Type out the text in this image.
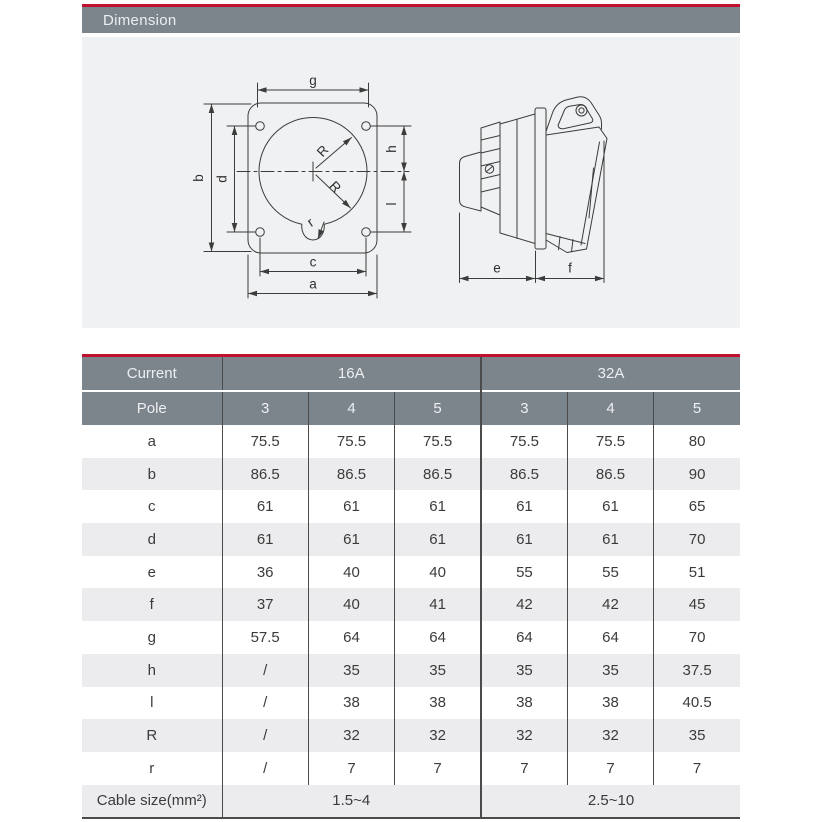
Dimension
R
R
r
g
b d
h
l
c
a
e	f
Current	16A			32A		
Pole	3	4	5	3	4	5
a	75.5	75.5	75.5	75.5	75.5	80
b	86.5	86.5	86.5	86.5	86.5	90
c	61	61	61	61	61	65
d	61	61	61	61	61	70
e	36	40	40	55	55	51
f	37	40	41	42	42	45
g	57.5	64	64	64	64	70
h	/	35	35	35	35	37.5
l	/	38	38	38	38	40.5
R	/	32	32	32	32	35
r	/	7	7	7	7	7
Cable size(mm²)	1.5~4			2.5~10		
